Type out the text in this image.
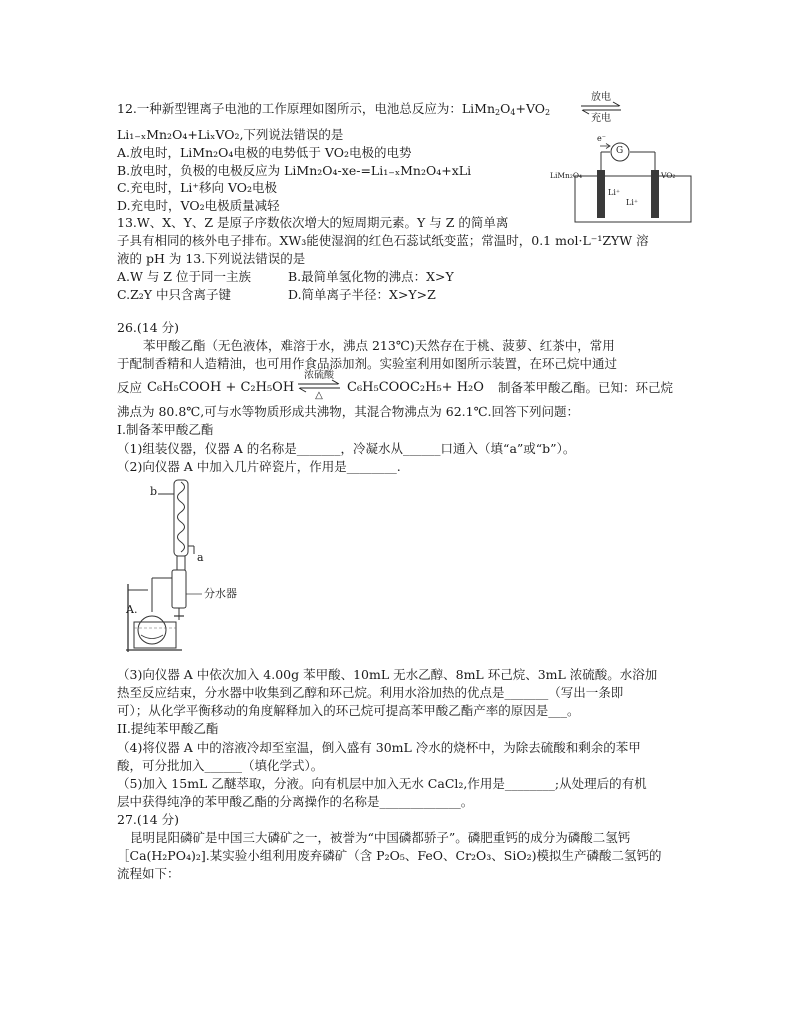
12.一种新型锂离子电池的工作原理如图所示，电池总反应为：$LiMn_2O_4+VO_2$
放电
充电
Li₁₋ₓMn₂O₄+LiₓVO₂,下列说法错误的是
A.放电时，LiMn₂O₄电极的电势低于 VO₂电极的电势
B.放电时，负极的电极反应为 LiMn₂O₄-xe-=Li₁₋ₓMn₂O₄+xLi
C.充电时，Li⁺移向 VO₂电极
D.充电时，VO₂电极质量减轻
G
e⁻
LiMn₂O₄	VO₂
Li⁺
Li⁺
13.W、X、Y、Z 是原子序数依次增大的短周期元素。Y 与 Z 的简单离
子具有相同的核外电子排布。XW₃能使湿润的红色石蕊试纸变蓝；常温时，0.1 mol·L⁻¹ZYW 溶
液的 pH 为 13.下列说法错误的是
A.W 与 Z 位于同一主族	B.最简单氢化物的沸点：X>Y
C.Z₂Y 中只含离子键	D.简单离子半径：X>Y>Z
26.(14 分)
苯甲酸乙酯（无色液体，难溶于水，沸点 213℃)天然存在于桃、菠萝、红茶中，常用
于配制香精和人造精油，也可用作食品添加剂。实验室利用如图所示装置，在环己烷中通过
反应 C₆H₅COOH + C₂H₅OH
浓硫酸
△
C₆H₅COOC₂H₅+ H₂O 制备苯甲酸乙酯。已知：环己烷
沸点为 80.8℃,可与水等物质形成共沸物，其混合物沸点为 62.1℃.回答下列问题：
I.制备苯甲酸乙酯
（1)组装仪器，仪器 A 的名称是_______，冷凝水从______口通入（填“a”或“b”）。
（2)向仪器 A 中加入几片碎瓷片，作用是________.
b
a
A.
分水器
（3)向仪器 A 中依次加入 4.00g 苯甲酸、10mL 无水乙醇、8mL 环己烷、3mL 浓硫酸。水浴加
热至反应结束，分水器中收集到乙醇和环己烷。利用水浴加热的优点是_______（写出一条即
可）；从化学平衡移动的角度解释加入的环己烷可提高苯甲酸乙酯产率的原因是___。
II.提纯苯甲酸乙酯
（4)将仪器 A 中的溶液冷却至室温，倒入盛有 30mL 冷水的烧杯中，为除去硫酸和剩余的苯甲
酸，可分批加入______（填化学式）。
（5)加入 15mL 乙醚萃取，分液。向有机层中加入无水 CaCl₂,作用是________;从处理后的有机
层中获得纯净的苯甲酸乙酯的分离操作的名称是_____________。
27.(14 分)
昆明昆阳磷矿是中国三大磷矿之一，被誉为“中国磷都骄子”。磷肥重钙的成分为磷酸二氢钙
［Ca(H₂PO₄)₂].某实验小组利用废弃磷矿（含 P₂O₅、FeO、Cr₂O₃、SiO₂)模拟生产磷酸二氢钙的
流程如下：
